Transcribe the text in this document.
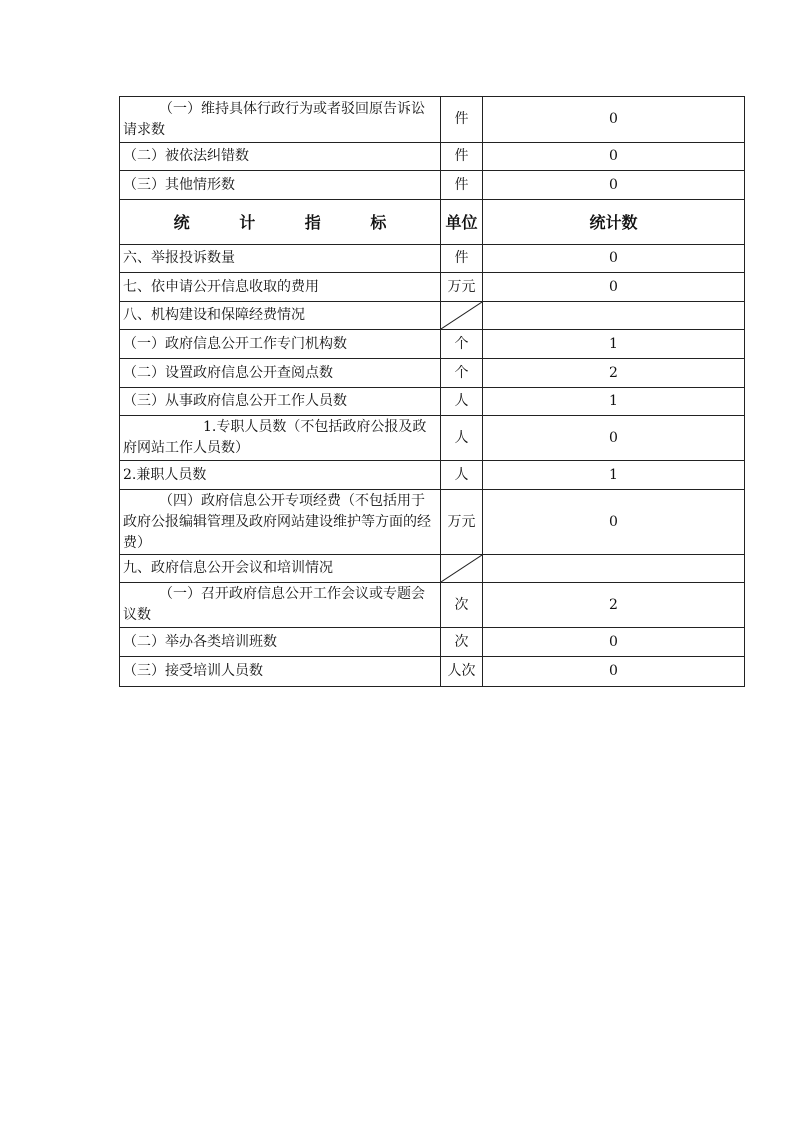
（一）维持具体行政行为或者驳回原告诉讼请求数	件	0
（二）被依法纠错数	件	0
（三）其他情形数	件	0
统 计 指 标	单位	统计数
六、举报投诉数量	件	0
七、依申请公开信息收取的费用	万元	0
八、机构建设和保障经费情况	

（一）政府信息公开工作专门机构数	个	1
（二）设置政府信息公开查阅点数	个	2
（三）从事政府信息公开工作人员数	人	1
1.专职人员数（不包括政府公报及政府网站工作人员数）	人	0
2.兼职人员数	人	1
（四）政府信息公开专项经费（不包括用于政府公报编辑管理及政府网站建设维护等方面的经费）	万元	0
九、政府信息公开会议和培训情况	

（一）召开政府信息公开工作会议或专题会议数	次	2
（二）举办各类培训班数	次	0
（三）接受培训人员数	人次	0
